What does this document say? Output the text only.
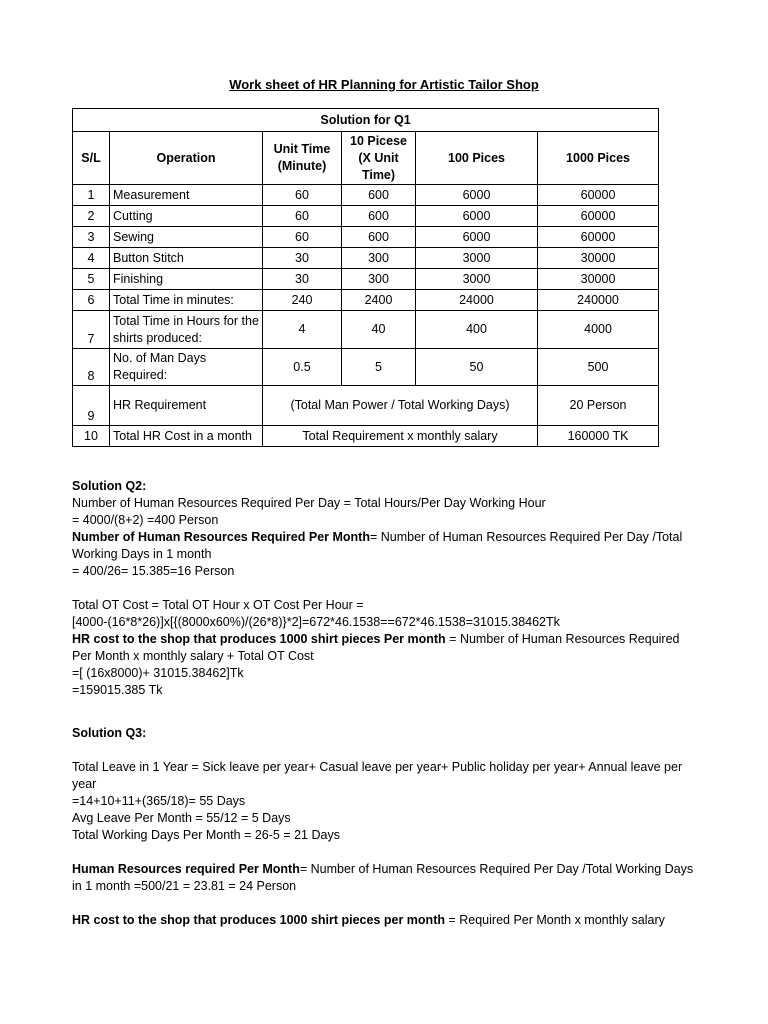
Work sheet of HR Planning for Artistic Tailor Shop
Solution for Q1					
S/L	Operation	Unit Time (Minute)	10 Picese (X Unit Time)	100 Pices	1000 Pices
1	Measurement	60	600	6000	60000
2	Cutting	60	600	6000	60000
3	Sewing	60	600	6000	60000
4	Button Stitch	30	300	3000	30000
5	Finishing	30	300	3000	30000
6	Total Time in minutes:	240	2400	24000	240000
7	Total Time in Hours for the shirts produced:	4	40	400	4000
8	No. of Man Days Required:	0.5	5	50	500
9	HR Requirement	(Total Man Power / Total Working Days)			20 Person
10	Total HR Cost in a month	Total Requirement x monthly salary			160000 TK

Solution Q2:

Number of Human Resources Required Per Day = Total Hours/Per Day Working Hour

= 4000/(8+2) =400 Person

Number of Human Resources Required Per Month= Number of Human Resources Required Per Day /Total Working Days in 1 month

= 400/26= 15.385=16 Person

Total OT Cost = Total OT Hour x OT Cost Per Hour =

[4000-(16*8*26)]x[{(8000x60%)/(26*8)}*2]=672*46.1538==672*46.1538=31015.38462Tk

HR cost to the shop that produces 1000 shirt pieces Per month = Number of Human Resources Required Per Month x monthly salary + Total OT Cost

=[ (16x8000)+ 31015.38462]Tk

=159015.385 Tk

Solution Q3:

Total Leave in 1 Year = Sick leave per year+ Casual leave per year+ Public holiday per year+ Annual leave per year

=14+10+11+(365/18)= 55 Days

Avg Leave Per Month = 55/12 = 5 Days

Total Working Days Per Month = 26-5 = 21 Days

Human Resources required Per Month= Number of Human Resources Required Per Day /Total Working Days in 1 month =500/21 = 23.81 = 24 Person

HR cost to the shop that produces 1000 shirt pieces per month = Required Per Month x monthly salary
